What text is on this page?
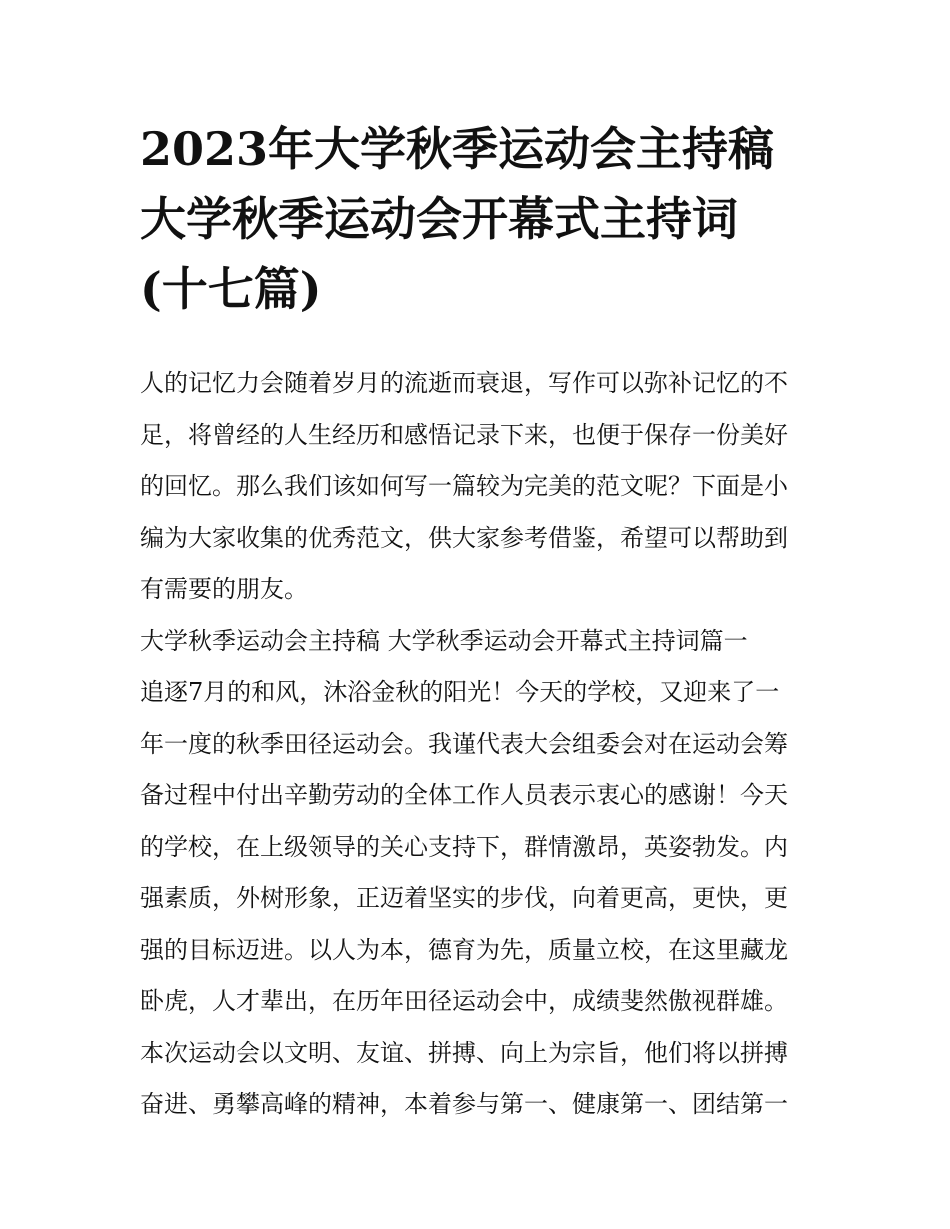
2023年大学秋季运动会主持稿
大学秋季运动会开幕式主持词
(十七篇)
人的记忆力会随着岁月的流逝而衰退，写作可以弥补记忆的不
足，将曾经的人生经历和感悟记录下来，也便于保存一份美好
的回忆。那么我们该如何写一篇较为完美的范文呢？下面是小
编为大家收集的优秀范文，供大家参考借鉴，希望可以帮助到
有需要的朋友。
大学秋季运动会主持稿 大学秋季运动会开幕式主持词篇一
追逐7月的和风，沐浴金秋的阳光！今天的学校，又迎来了一
年一度的秋季田径运动会。我谨代表大会组委会对在运动会筹
备过程中付出辛勤劳动的全体工作人员表示衷心的感谢！今天
的学校，在上级领导的关心支持下，群情激昂，英姿勃发。内
强素质，外树形象，正迈着坚实的步伐，向着更高，更快，更
强的目标迈进。以人为本，德育为先，质量立校，在这里藏龙
卧虎，人才辈出，在历年田径运动会中，成绩斐然傲视群雄。
本次运动会以文明、友谊、拼搏、向上为宗旨，他们将以拼搏
奋进、勇攀高峰的精神，本着参与第一、健康第一、团结第一
